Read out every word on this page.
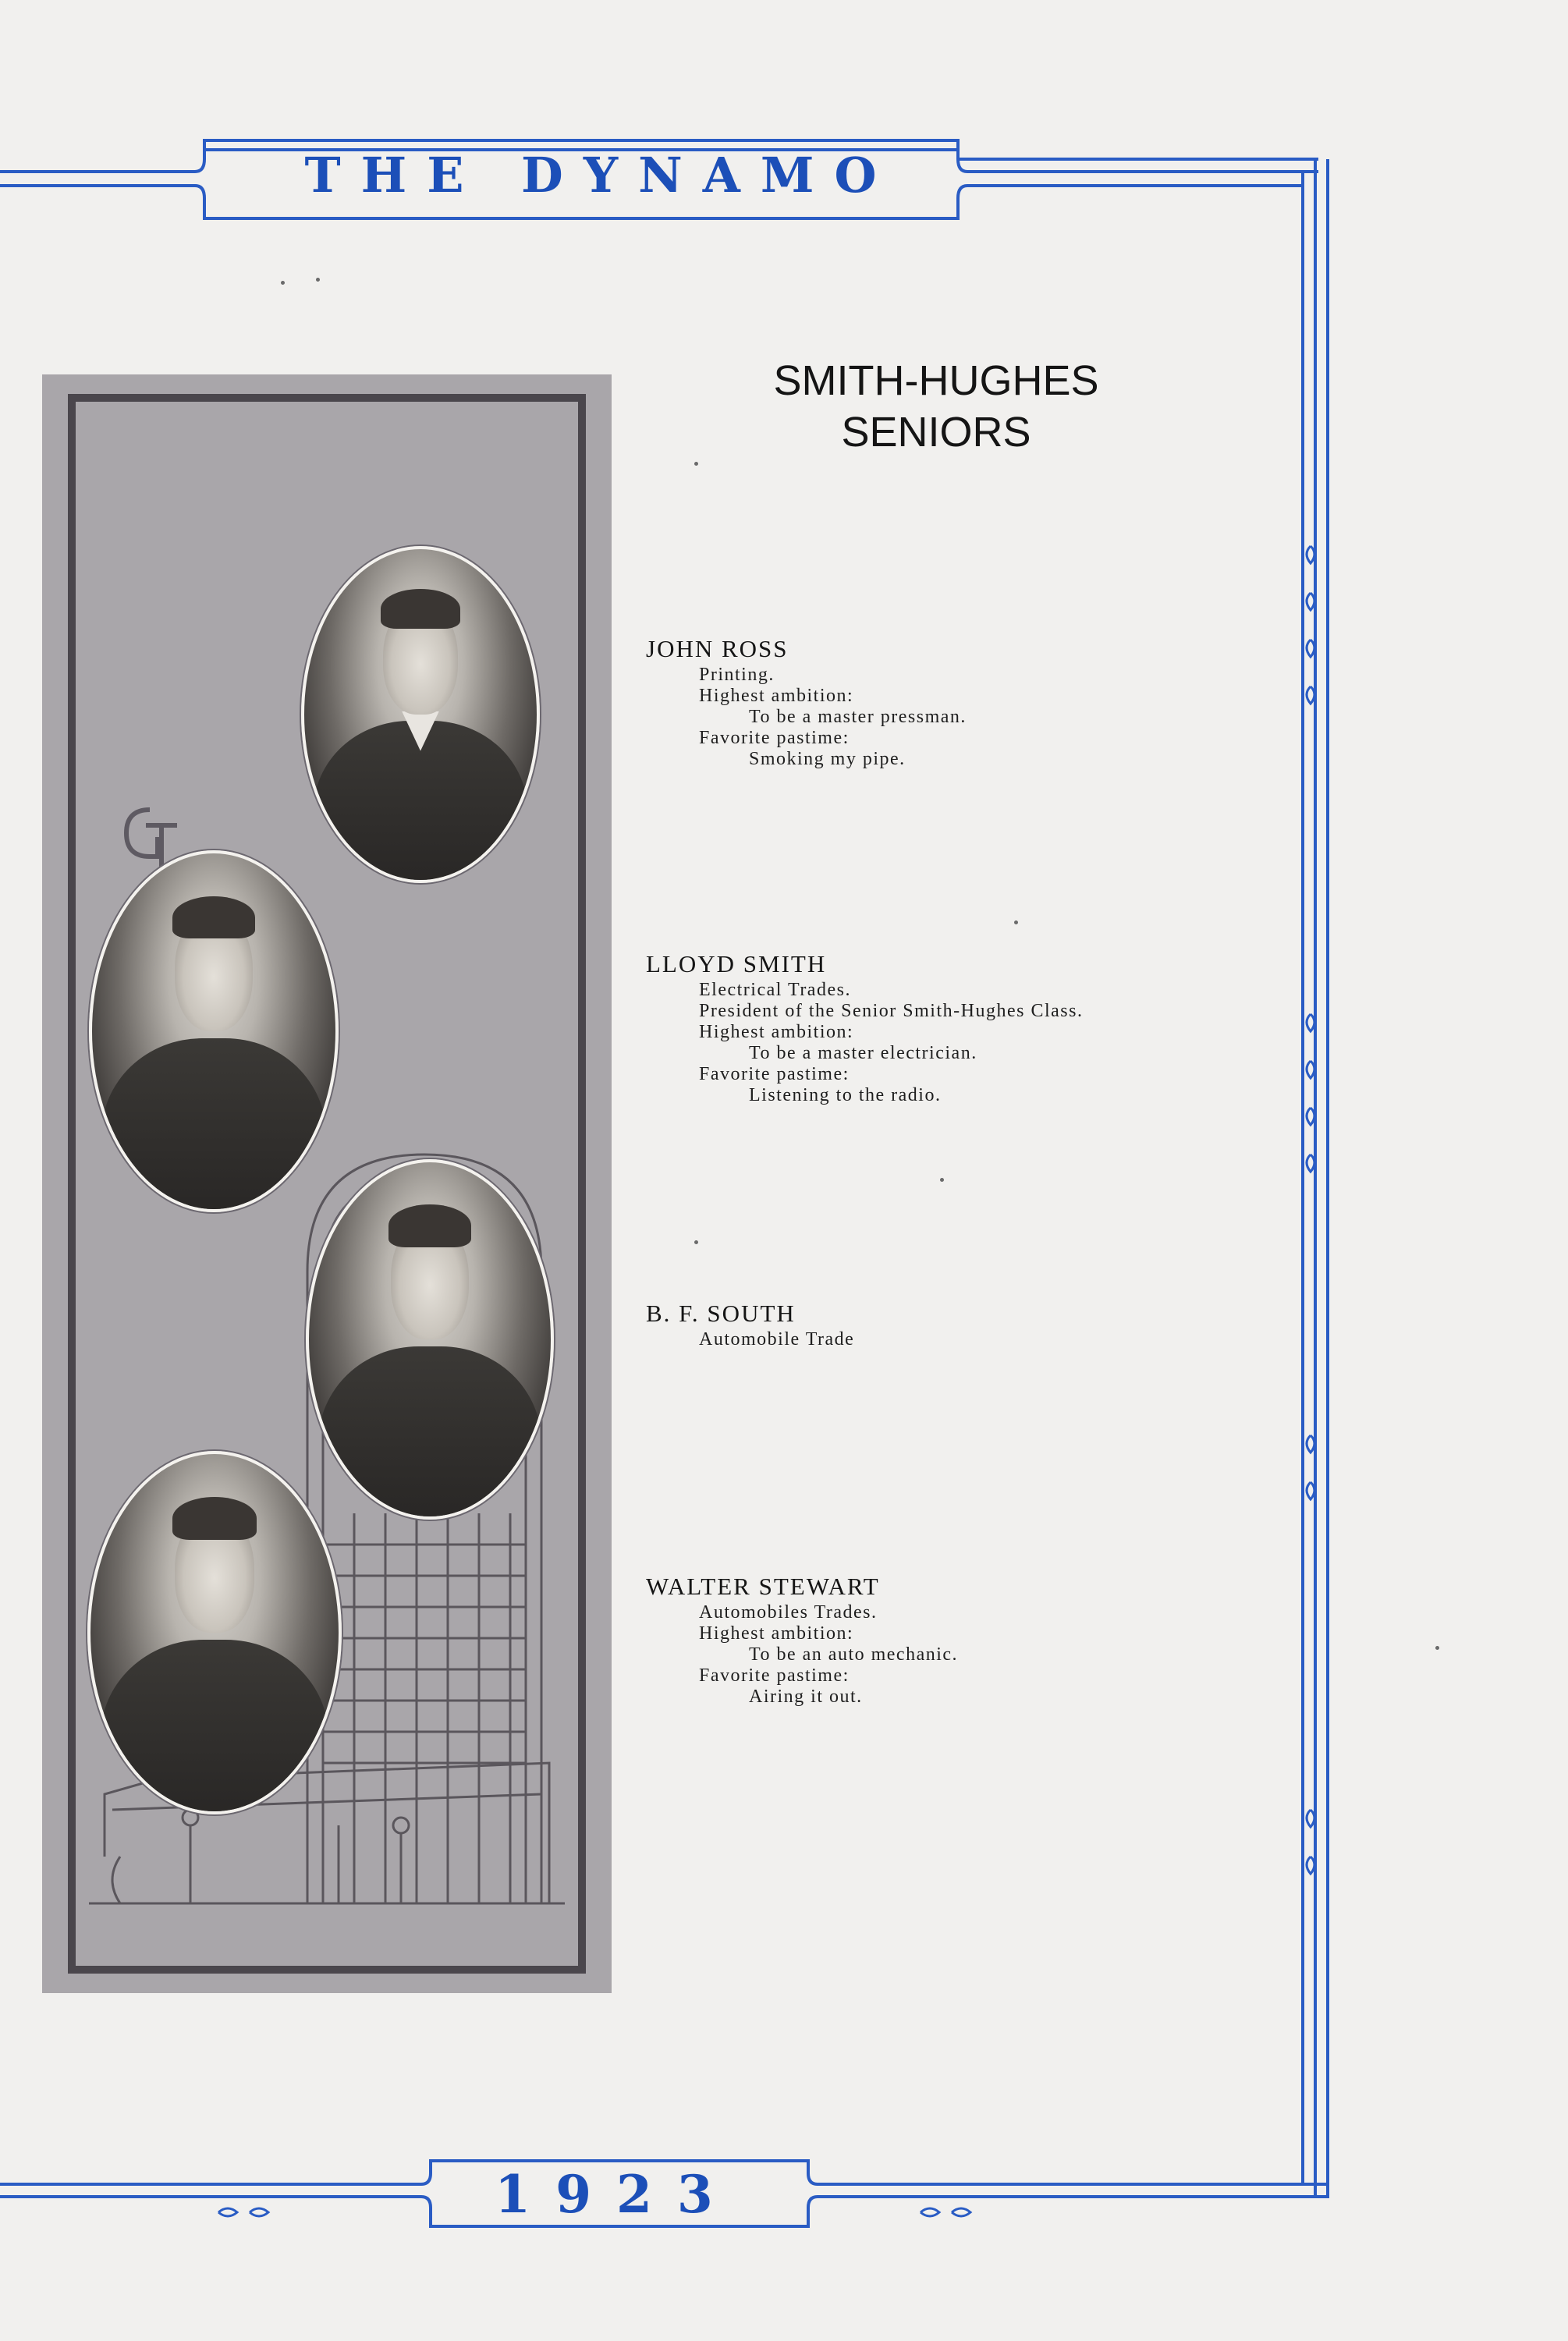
THE DYNAMO
SMITH-HUGHES
SENIORS
JOHN ROSS
Printing.
Highest ambition:
To be a master pressman.
Favorite pastime:
Smoking my pipe.
LLOYD SMITH
Electrical Trades.
President of the Senior Smith-Hughes Class.
Highest ambition:
To be a master electrician.
Favorite pastime:
Listening to the radio.
B. F. SOUTH
Automobile Trade
WALTER STEWART
Automobiles Trades.
Highest ambition:
To be an auto mechanic.
Favorite pastime:
Airing it out.
1923
